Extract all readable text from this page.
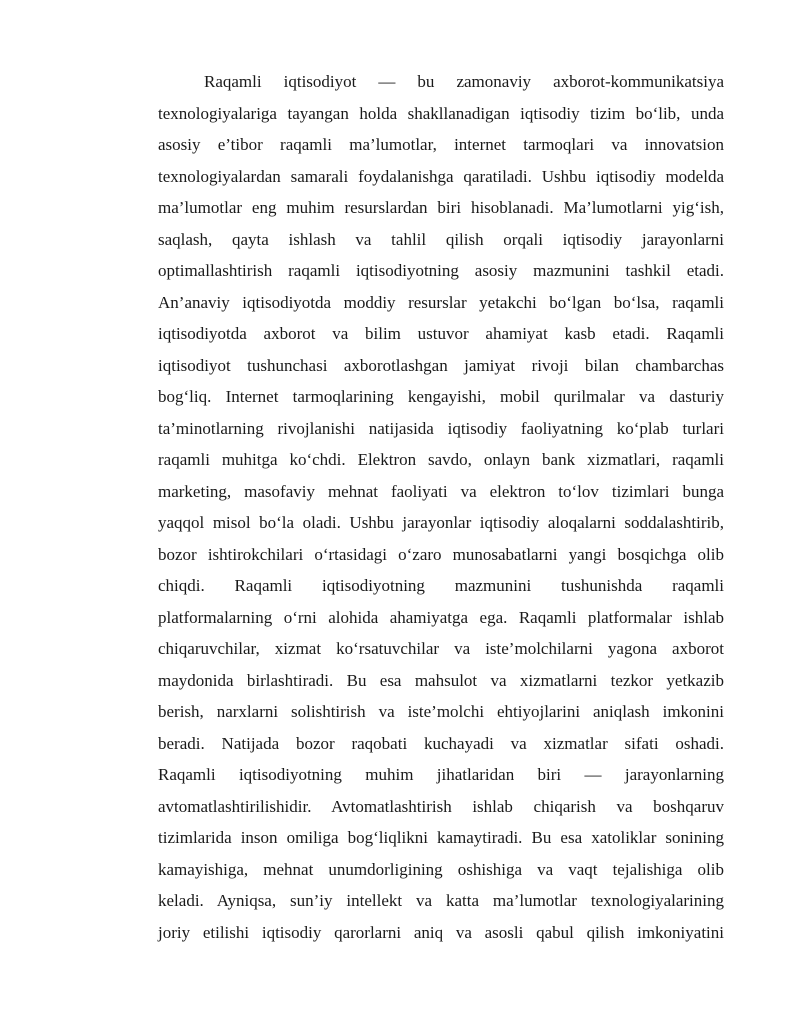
Raqamli iqtisodiyot — bu zamonaviy axborot-kommunikatsiya
texnologiyalariga tayangan holda shakllanadigan iqtisodiy tizim bo‘lib, unda
asosiy e’tibor raqamli ma’lumotlar, internet tarmoqlari va innovatsion
texnologiyalardan samarali foydalanishga qaratiladi. Ushbu iqtisodiy modelda
ma’lumotlar eng muhim resurslardan biri hisoblanadi. Ma’lumotlarni yig‘ish,
saqlash, qayta ishlash va tahlil qilish orqali iqtisodiy jarayonlarni
optimallashtirish raqamli iqtisodiyotning asosiy mazmunini tashkil etadi.
An’anaviy iqtisodiyotda moddiy resurslar yetakchi bo‘lgan bo‘lsa, raqamli
iqtisodiyotda axborot va bilim ustuvor ahamiyat kasb etadi. Raqamli
iqtisodiyot tushunchasi axborotlashgan jamiyat rivoji bilan chambarchas
bog‘liq. Internet tarmoqlarining kengayishi, mobil qurilmalar va dasturiy
ta’minotlarning rivojlanishi natijasida iqtisodiy faoliyatning ko‘plab turlari
raqamli muhitga ko‘chdi. Elektron savdo, onlayn bank xizmatlari, raqamli
marketing, masofaviy mehnat faoliyati va elektron to‘lov tizimlari bunga
yaqqol misol bo‘la oladi. Ushbu jarayonlar iqtisodiy aloqalarni soddalashtirib,
bozor ishtirokchilari o‘rtasidagi o‘zaro munosabatlarni yangi bosqichga olib
chiqdi. Raqamli iqtisodiyotning mazmunini tushunishda raqamli
platformalarning o‘rni alohida ahamiyatga ega. Raqamli platformalar ishlab
chiqaruvchilar, xizmat ko‘rsatuvchilar va iste’molchilarni yagona axborot
maydonida birlashtiradi. Bu esa mahsulot va xizmatlarni tezkor yetkazib
berish, narxlarni solishtirish va iste’molchi ehtiyojlarini aniqlash imkonini
beradi. Natijada bozor raqobati kuchayadi va xizmatlar sifati oshadi.
Raqamli iqtisodiyotning muhim jihatlaridan biri — jarayonlarning
avtomatlashtirilishidir. Avtomatlashtirish ishlab chiqarish va boshqaruv
tizimlarida inson omiliga bog‘liqlikni kamaytiradi. Bu esa xatoliklar sonining
kamayishiga, mehnat unumdorligining oshishiga va vaqt tejalishiga olib
keladi. Ayniqsa, sun’iy intellekt va katta ma’lumotlar texnologiyalarining
joriy etilishi iqtisodiy qarorlarni aniq va asosli qabul qilish imkoniyatini
